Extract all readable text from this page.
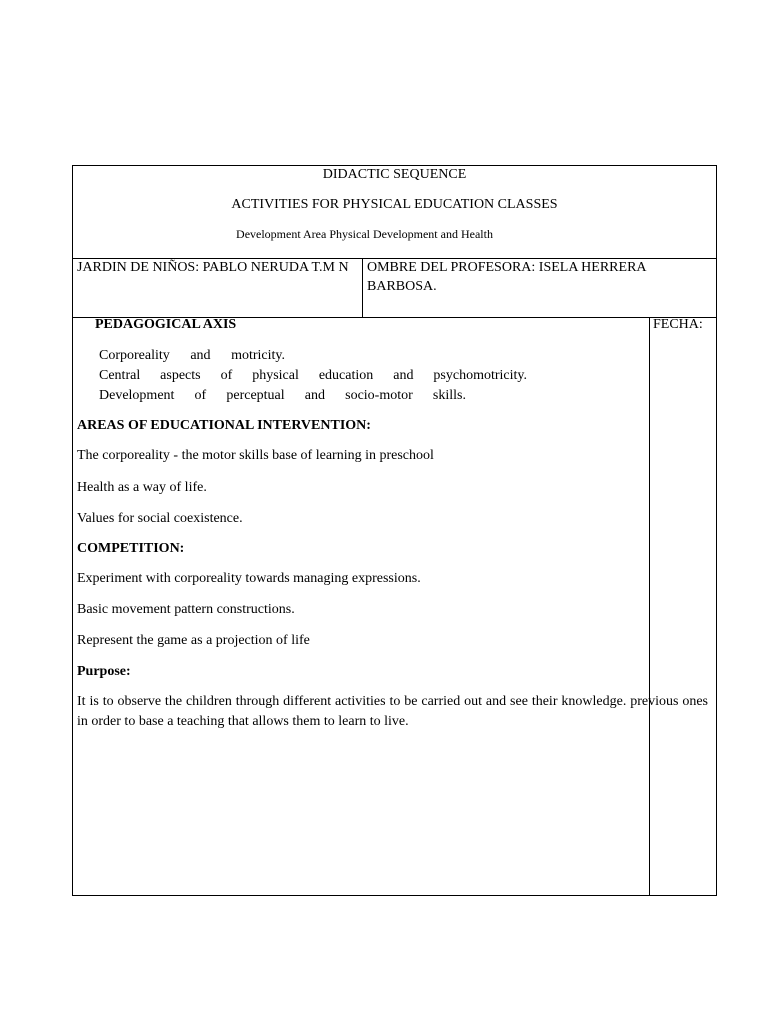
DIDACTIC SEQUENCE
ACTIVITIES FOR PHYSICAL EDUCATION CLASSES
Development Area Physical Development and Health
JARDIN DE NIÑOS: PABLO NERUDA T.M N OMBRE DEL PROFESORA: ISELA HERRERA BARBOSA.
FECHA:
PEDAGOGICAL AXIS
Corporeality and motricity.
Central aspects of physical education and psychomotricity.
Development of perceptual and socio-motor skills.
AREAS OF EDUCATIONAL INTERVENTION:
The corporeality - the motor skills base of learning in preschool
Health as a way of life.
Values for social coexistence.
COMPETITION:
Experiment with corporeality towards managing expressions.
Basic movement pattern constructions.
Represent the game as a projection of life
Purpose:
It is to observe the children through different activities to be carried out and see their knowledge. previous ones in order to base a teaching that allows them to learn to live.
